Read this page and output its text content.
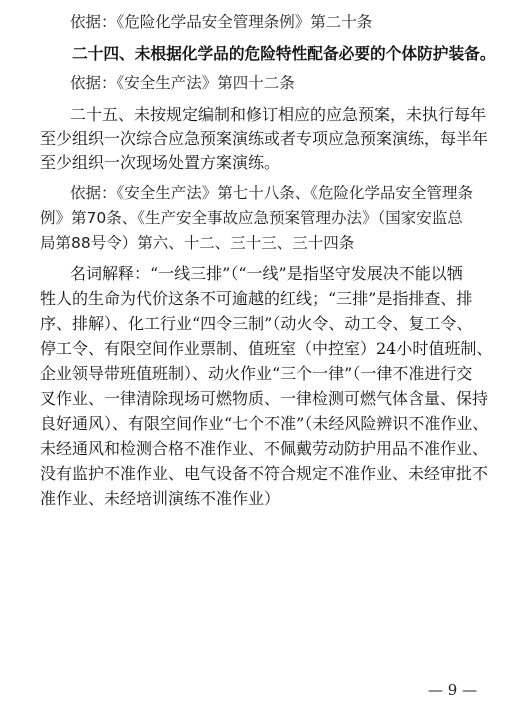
依据：《危险化学品安全管理条例》第二十条
二十四、未根据化学品的危险特性配备必要的个体防护装备。
依据：《安全生产法》第四十二条
二十五、未按规定编制和修订相应的应急预案，未执行每年
至少组织一次综合应急预案演练或者专项应急预案演练，每半年
至少组织一次现场处置方案演练。
依据：《安全生产法》第七十八条、《危险化学品安全管理条
例》第70条、《生产安全事故应急预案管理办法》（国家安监总
局第88号令）第六、十二、三十三、三十四条
名词解释：“一线三排”（“一线”是指坚守发展决不能以牺
牲人的生命为代价这条不可逾越的红线；“三排”是指排查、排
序、排解）、化工行业“四令三制”（动火令、动工令、复工令、
停工令、有限空间作业票制、值班室（中控室）24小时值班制、
企业领导带班值班制）、动火作业“三个一律”（一律不准进行交
叉作业、一律清除现场可燃物质、一律检测可燃气体含量、保持
良好通风）、有限空间作业“七个不准”（未经风险辨识不准作业、
未经通风和检测合格不准作业、不佩戴劳动防护用品不准作业、
没有监护不准作业、电气设备不符合规定不准作业、未经审批不
准作业、未经培训演练不准作业）
— 9 —
